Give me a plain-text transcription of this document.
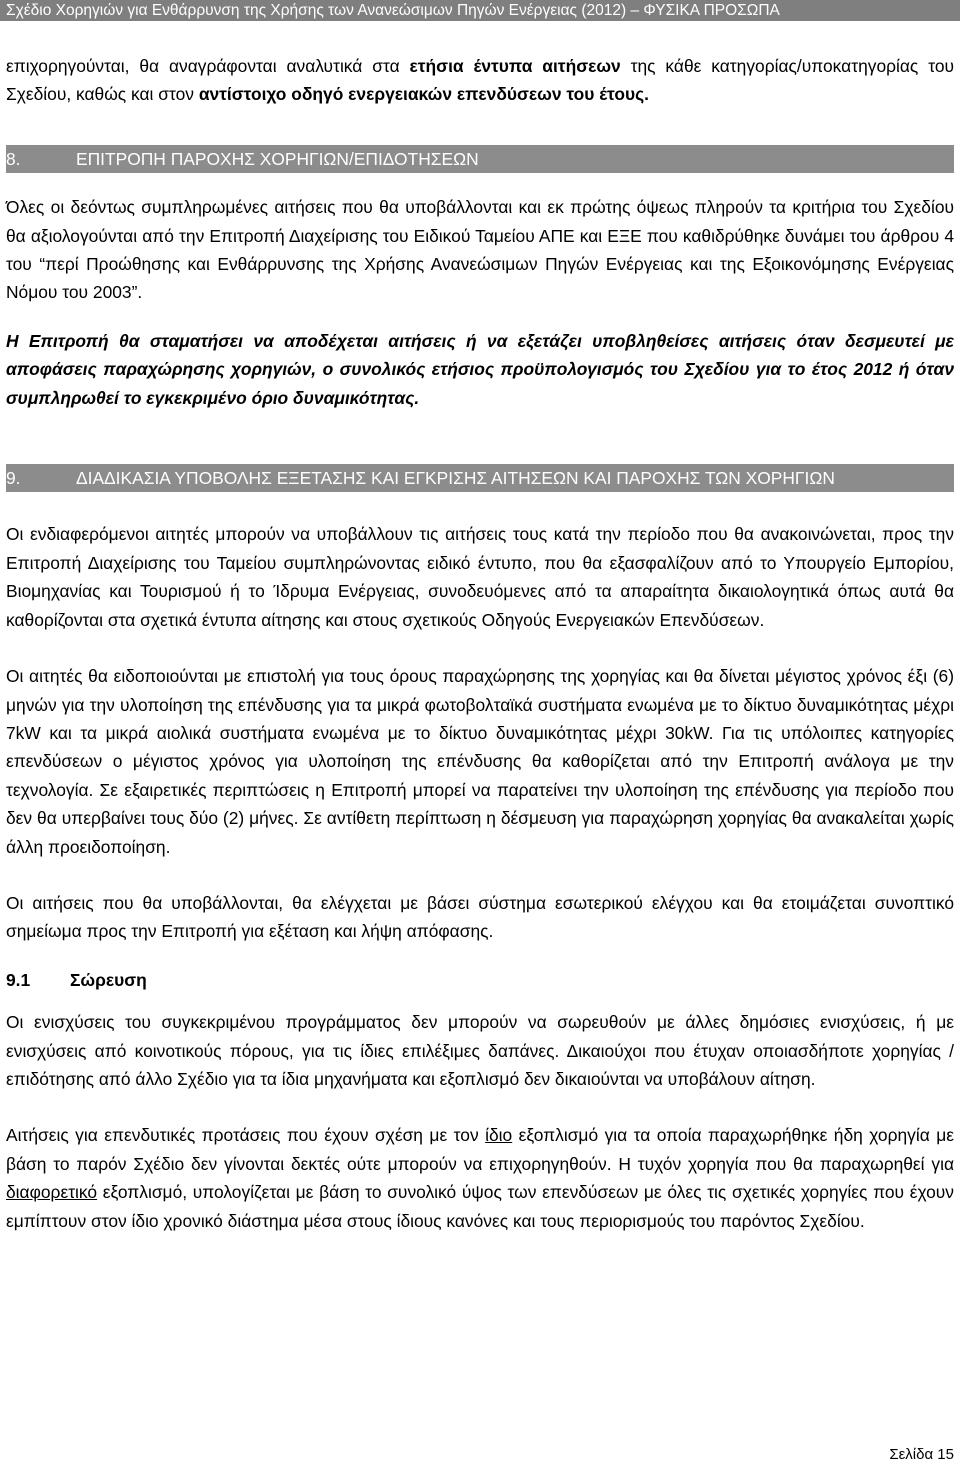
Σχέδιο Χορηγιών για Ενθάρρυνση της Χρήσης των Ανανεώσιμων Πηγών Ενέργειας (2012) – ΦΥΣΙΚΑ ΠΡΟΣΩΠΑ

επιχορηγούνται, θα αναγράφονται αναλυτικά στα ετήσια έντυπα αιτήσεων της κάθε κατηγορίας/υποκατηγορίας του Σχεδίου, καθώς και στον αντίστοιχο οδηγό ενεργειακών επενδύσεων του έτους.

8.	ΕΠΙΤΡΟΠΗ ΠΑΡΟΧΗΣ ΧΟΡΗΓΙΩΝ/ΕΠΙΔΟΤΗΣΕΩΝ

Όλες οι δεόντως συμπληρωμένες αιτήσεις που θα υποβάλλονται και εκ πρώτης όψεως πληρούν τα κριτήρια του Σχεδίου θα αξιολογούνται από την Επιτροπή Διαχείρισης του Ειδικού Ταμείου ΑΠΕ και ΕΞΕ που καθιδρύθηκε δυνάμει του άρθρου 4 του “περί Προώθησης και Ενθάρρυνσης της Χρήσης Ανανεώσιμων Πηγών Ενέργειας και της Εξοικονόμησης Ενέργειας Νόμου του 2003”.

Η Επιτροπή θα σταματήσει να αποδέχεται αιτήσεις ή να εξετάζει υποβληθείσες αιτήσεις όταν δεσμευτεί με αποφάσεις παραχώρησης χορηγιών, ο συνολικός ετήσιος προϋπολογισμός του Σχεδίου για το έτος 2012 ή όταν συμπληρωθεί το εγκεκριμένο όριο δυναμικότητας.

9.	ΔΙΑΔΙΚΑΣΙΑ ΥΠΟΒΟΛΗΣ ΕΞΕΤΑΣΗΣ ΚΑΙ ΕΓΚΡΙΣΗΣ ΑΙΤΗΣΕΩΝ ΚΑΙ ΠΑΡΟΧΗΣ ΤΩΝ ΧΟΡΗΓΙΩΝ

Οι ενδιαφερόμενοι αιτητές μπορούν να υποβάλλουν τις αιτήσεις τους κατά την περίοδο που θα ανακοινώνεται, προς την Επιτροπή Διαχείρισης του Ταμείου συμπληρώνοντας ειδικό έντυπο, που θα εξασφαλίζουν από το Υπουργείο Εμπορίου, Βιομηχανίας και Τουρισμού ή το Ίδρυμα Ενέργειας, συνοδευόμενες από τα απαραίτητα δικαιολογητικά όπως αυτά θα καθορίζονται στα σχετικά έντυπα αίτησης και στους σχετικούς Οδηγούς Ενεργειακών Επενδύσεων.

Οι αιτητές θα ειδοποιούνται με επιστολή για τους όρους παραχώρησης της χορηγίας και θα δίνεται μέγιστος χρόνος έξι (6) μηνών για την υλοποίηση της επένδυσης για τα μικρά φωτοβολταϊκά συστήματα ενωμένα με το δίκτυο δυναμικότητας μέχρι 7kW και τα μικρά αιολικά συστήματα ενωμένα με το δίκτυο δυναμικότητας μέχρι 30kW. Για τις υπόλοιπες κατηγορίες επενδύσεων ο μέγιστος χρόνος για υλοποίηση της επένδυσης θα καθορίζεται από την Επιτροπή ανάλογα με την τεχνολογία. Σε εξαιρετικές περιπτώσεις η Επιτροπή μπορεί να παρατείνει την υλοποίηση της επένδυσης για περίοδο που δεν θα υπερβαίνει τους δύο (2) μήνες. Σε αντίθετη περίπτωση η δέσμευση για παραχώρηση χορηγίας θα ανακαλείται χωρίς άλλη προειδοποίηση.

Οι αιτήσεις που θα υποβάλλονται, θα ελέγχεται με βάσει σύστημα εσωτερικού ελέγχου και θα ετοιμάζεται συνοπτικό σημείωμα προς την Επιτροπή για εξέταση και λήψη απόφασης.

9.1 Σώρευση

Οι ενισχύσεις του συγκεκριμένου προγράμματος δεν μπορούν να σωρευθούν με άλλες δημόσιες ενισχύσεις, ή με ενισχύσεις από κοινοτικούς πόρους, για τις ίδιες επιλέξιμες δαπάνες. Δικαιούχοι που έτυχαν οποιασδήποτε χορηγίας / επιδότησης από άλλο Σχέδιο για τα ίδια μηχανήματα και εξοπλισμό δεν δικαιούνται να υποβάλουν αίτηση.

Αιτήσεις για επενδυτικές προτάσεις που έχουν σχέση με τον ίδιο εξοπλισμό για τα οποία παραχωρήθηκε ήδη χορηγία με βάση το παρόν Σχέδιο δεν γίνονται δεκτές ούτε μπορούν να επιχορηγηθούν. Η τυχόν χορηγία που θα παραχωρηθεί για διαφορετικό εξοπλισμό, υπολογίζεται με βάση το συνολικό ύψος των επενδύσεων με όλες τις σχετικές χορηγίες που έχουν εμπίπτουν στον ίδιο χρονικό διάστημα μέσα στους ίδιους κανόνες και τους περιορισμούς του παρόντος Σχεδίου.

Σελίδα 15
